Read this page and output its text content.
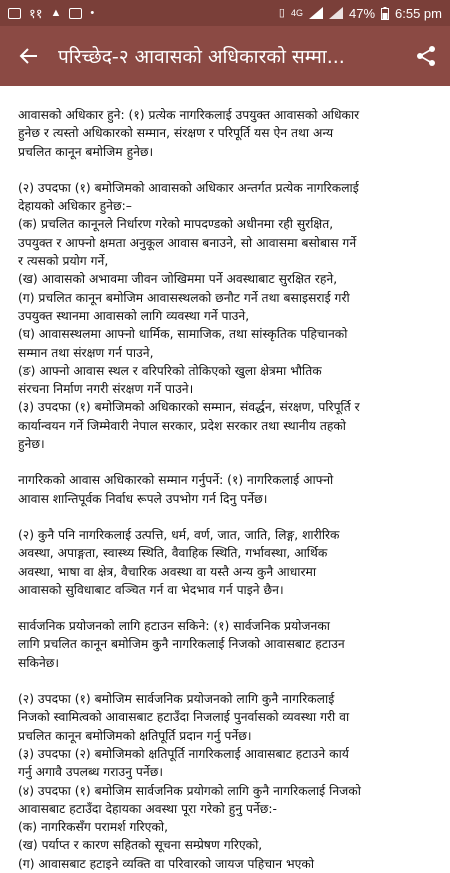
११ ▲	•	▯ 4G	47% 6:55 pm
परिच्छेद-२ आवासको अधिकारको सम्मा...
आवासको अधिकार हुने: (१) प्रत्येक नागरिकलाई उपयुक्त आवासको अधिकार
हुनेछ र त्यस्तो अधिकारको सम्मान, संरक्षण र परिपूर्ति यस ऐन तथा अन्य
प्रचलित कानून बमोजिम हुनेछ।
(२) उपदफा (१) बमोजिमको आवासको अधिकार अन्तर्गत प्रत्येक नागरिकलाई
देहायको अधिकार हुनेछ:–
(क) प्रचलित कानूनले निर्धारण गरेको मापदण्डको अधीनमा रही सुरक्षित,
उपयुक्त र आफ्नो क्षमता अनुकूल आवास बनाउने, सो आवासमा बसोबास गर्ने
र त्यसको प्रयोग गर्ने,
(ख) आवासको अभावमा जीवन जोखिममा पर्ने अवस्थाबाट सुरक्षित रहने,
(ग) प्रचलित कानून बमोजिम आवासस्थलको छनौट गर्ने तथा बसाइसराई गरी
उपयुक्त स्थानमा आवासको लागि व्यवस्था गर्ने पाउने,
(घ) आवासस्थलमा आफ्नो धार्मिक, सामाजिक, तथा सांस्कृतिक पहिचानको
सम्मान तथा संरक्षण गर्न पाउने,
(ङ) आफ्नो आवास स्थल र वरिपरिको तोकिएको खुला क्षेत्रमा भौतिक
संरचना निर्माण नगरी संरक्षण गर्ने पाउने।
(३) उपदफा (१) बमोजिमको अधिकारको सम्मान, संवर्द्धन, संरक्षण, परिपूर्ति र
कार्यान्वयन गर्ने जिम्मेवारी नेपाल सरकार, प्रदेश सरकार तथा स्थानीय तहको
हुनेछ।
नागरिकको आवास अधिकारको सम्मान गर्नुपर्ने: (१) नागरिकलाई आफ्नो
आवास शान्तिपूर्वक निर्वाध रूपले उपभोग गर्न दिनु पर्नेछ।
(२) कुनै पनि नागरिकलाई उत्पत्ति, धर्म, वर्ण, जात, जाति, लिङ्ग, शारीरिक
अवस्था, अपाङ्गता, स्वास्थ्य स्थिति, वैवाहिक स्थिति, गर्भावस्था, आर्थिक
अवस्था, भाषा वा क्षेत्र, वैचारिक अवस्था वा यस्तै अन्य कुनै आधारमा
आवासको सुविधाबाट वञ्चित गर्न वा भेदभाव गर्न पाइने छैन।
सार्वजनिक प्रयोजनको लागि हटाउन सकिने: (१) सार्वजनिक प्रयोजनका
लागि प्रचलित कानून बमोजिम कुनै नागरिकलाई निजको आवासबाट हटाउन
सकिनेछ।
(२) उपदफा (१) बमोजिम सार्वजनिक प्रयोजनको लागि कुनै नागरिकलाई
निजको स्वामित्वको आवासबाट हटाउँदा निजलाई पुनर्वासको व्यवस्था गरी वा
प्रचलित कानून बमोजिमको क्षतिपूर्ति प्रदान गर्नु पर्नेछ।
(३) उपदफा (२) बमोजिमको क्षतिपूर्ति नागरिकलाई आवासबाट हटाउने कार्य
गर्नु अगावै उपलब्ध गराउनु पर्नेछ।
(४) उपदफा (१) बमोजिम सार्वजनिक प्रयोगको लागि कुनै नागरिकलाई निजको
आवासबाट हटाउँदा देहायका अवस्था पूरा गरेको हुनु पर्नेछ:-
(क) नागरिकसँग परामर्श गरिएको,
(ख) पर्याप्त र कारण सहितको सूचना सम्प्रेषण गरिएको,
(ग) आवासबाट हटाइने व्यक्ति वा परिवारको जायज पहिचान भएको
